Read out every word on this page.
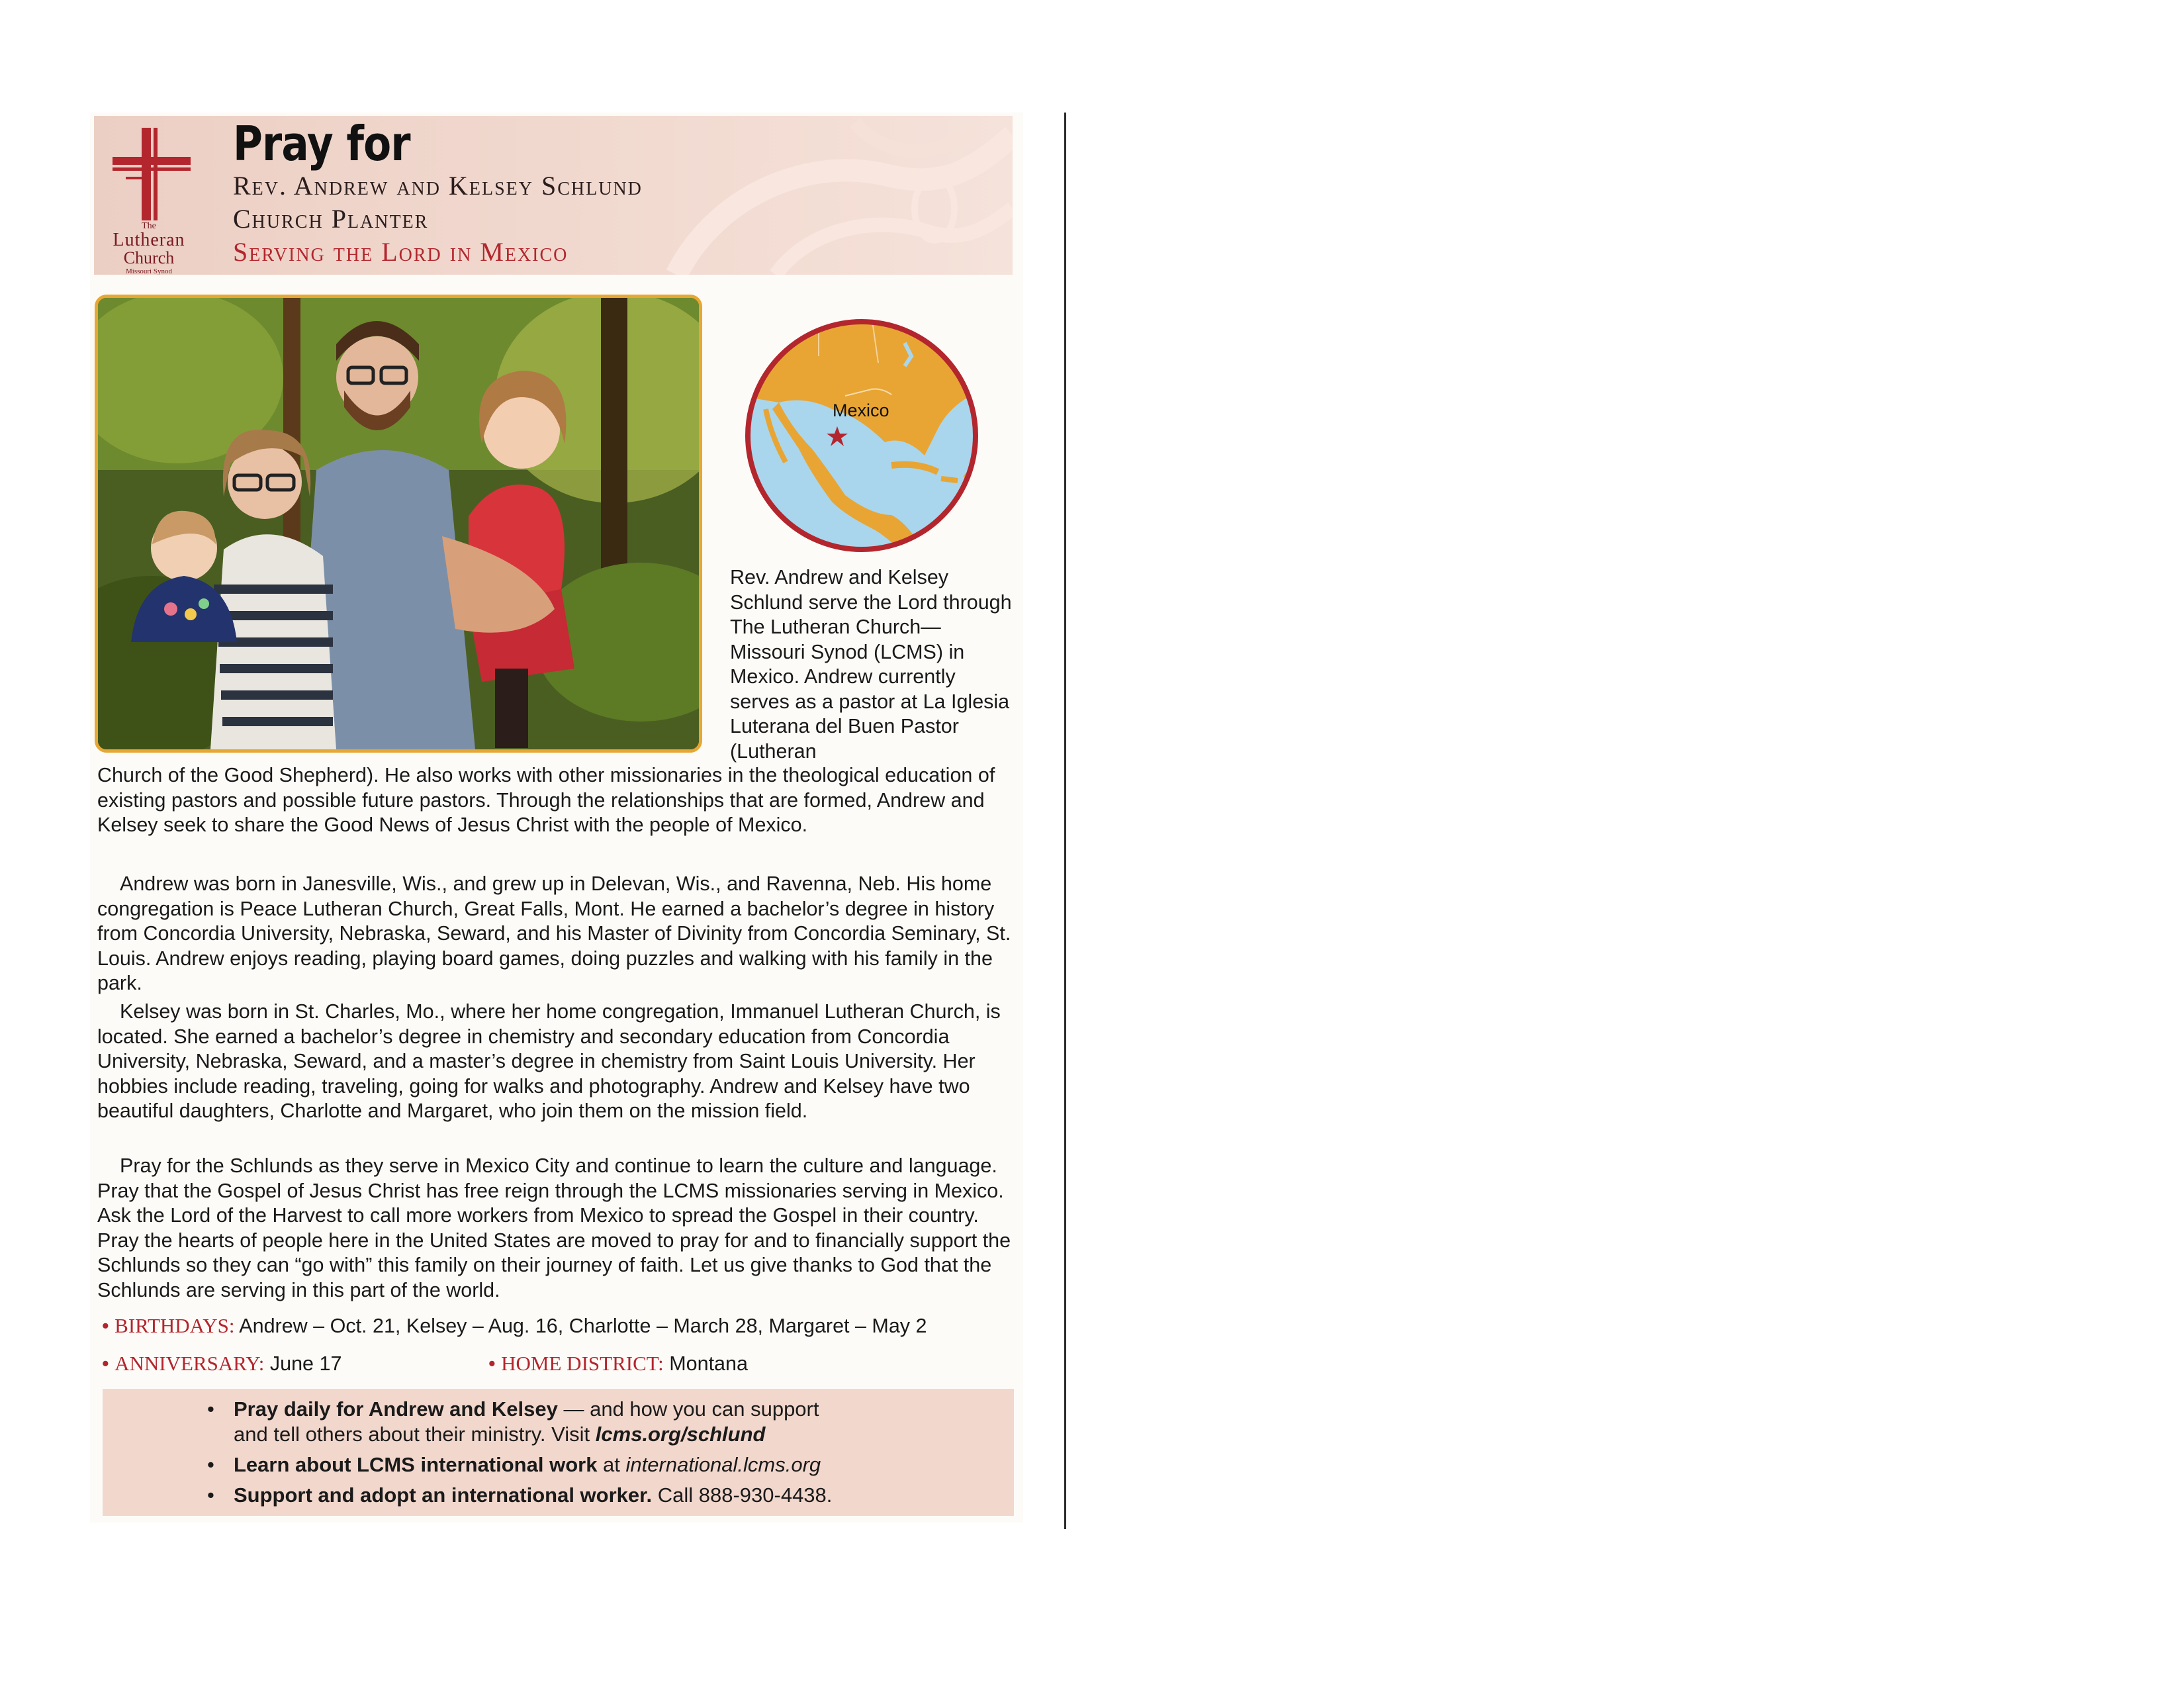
The
Lutheran
Church
Missouri Synod
Pray for
Rev. Andrew and Kelsey Schlund
Church Planter
Serving the Lord in Mexico
Mexico
Rev. Andrew and Kelsey Schlund serve the Lord through The Lutheran Church—Missouri Synod (LCMS) in Mexico. Andrew currently serves as a pastor at La Iglesia Luterana del Buen Pastor (Lutheran

Church of the Good Shepherd). He also works with other missionaries in the theological education of existing pastors and possible future pastors. Through the relationships that are formed, Andrew and Kelsey seek to share the Good News of Jesus Christ with the people of Mexico.

Andrew was born in Janesville, Wis., and grew up in Delevan, Wis., and Ravenna, Neb. His home congregation is Peace Lutheran Church, Great Falls, Mont. He earned a bachelor’s degree in history from Concordia University, Nebraska, Seward, and his Master of Divinity from Concordia Seminary, St. Louis. Andrew enjoys reading, playing board games, doing puzzles and walking with his family in the park.

Kelsey was born in St. Charles, Mo., where her home congregation, Immanuel Lutheran Church, is located. She earned a bachelor’s degree in chemistry and secondary education from Concordia University, Nebraska, Seward, and a master’s degree in chemistry from Saint Louis University. Her hobbies include reading, traveling, going for walks and photography. Andrew and Kelsey have two beautiful daughters, Charlotte and Margaret, who join them on the mission field.

Pray for the Schlunds as they serve in Mexico City and continue to learn the culture and language. Pray that the Gospel of Jesus Christ has free reign through the LCMS missionaries serving in Mexico. Ask the Lord of the Harvest to call more workers from Mexico to spread the Gospel in their country. Pray the hearts of people here in the United States are moved to pray for and to financially support the Schlunds so they can “go with” this family on their journey of faith. Let us give thanks to God that the Schlunds are serving in this part of the world.

• BIRTHDAYS: Andrew – Oct. 21, Kelsey – Aug. 16, Charlotte – March 28, Margaret – May 2
• ANNIVERSARY: June 17	• HOME DISTRICT: Montana
• Pray daily for Andrew and Kelsey — and how you can support
and tell others about their ministry. Visit lcms.org/schlund
• Learn about LCMS international work at international.lcms.org
• Support and adopt an international worker. Call 888-930-4438.
